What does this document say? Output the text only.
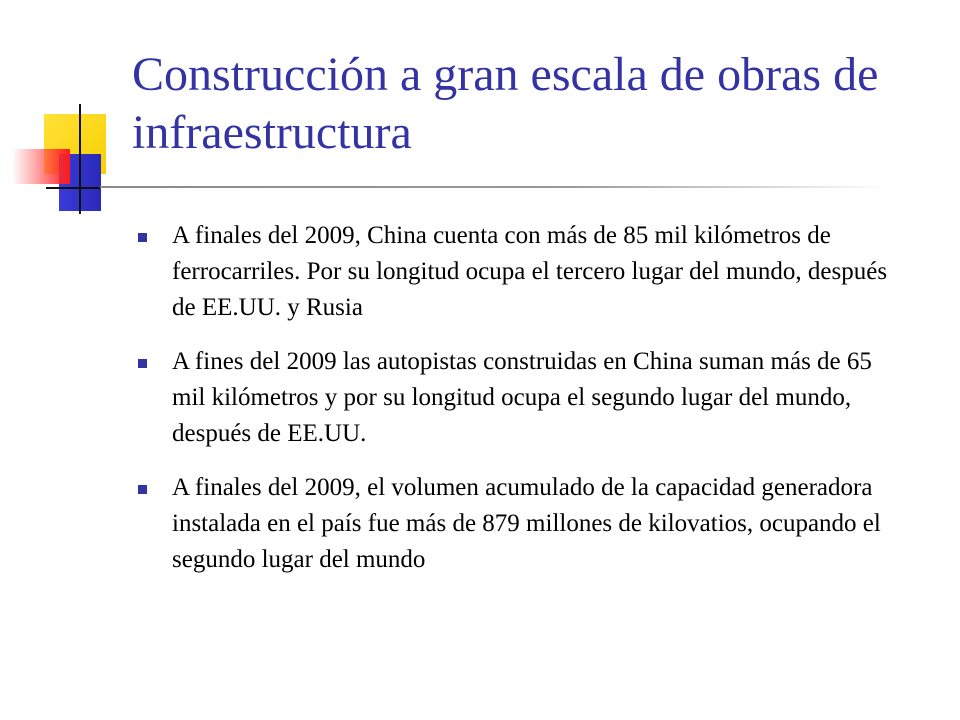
Construcción a gran escala de obras de infraestructura
A finales del 2009, China cuenta con más de 85 mil kilómetros de ferrocarriles. Por su longitud ocupa el tercero lugar del mundo, después de EE.UU. y Rusia
A fines del 2009 las autopistas construidas en China suman más de 65 mil kilómetros y por su longitud ocupa el segundo lugar del mundo, después de EE.UU.
A finales del 2009, el volumen acumulado de la capacidad generadora instalada en el país fue más de 879 millones de kilovatios, ocupando el segundo lugar del mundo
